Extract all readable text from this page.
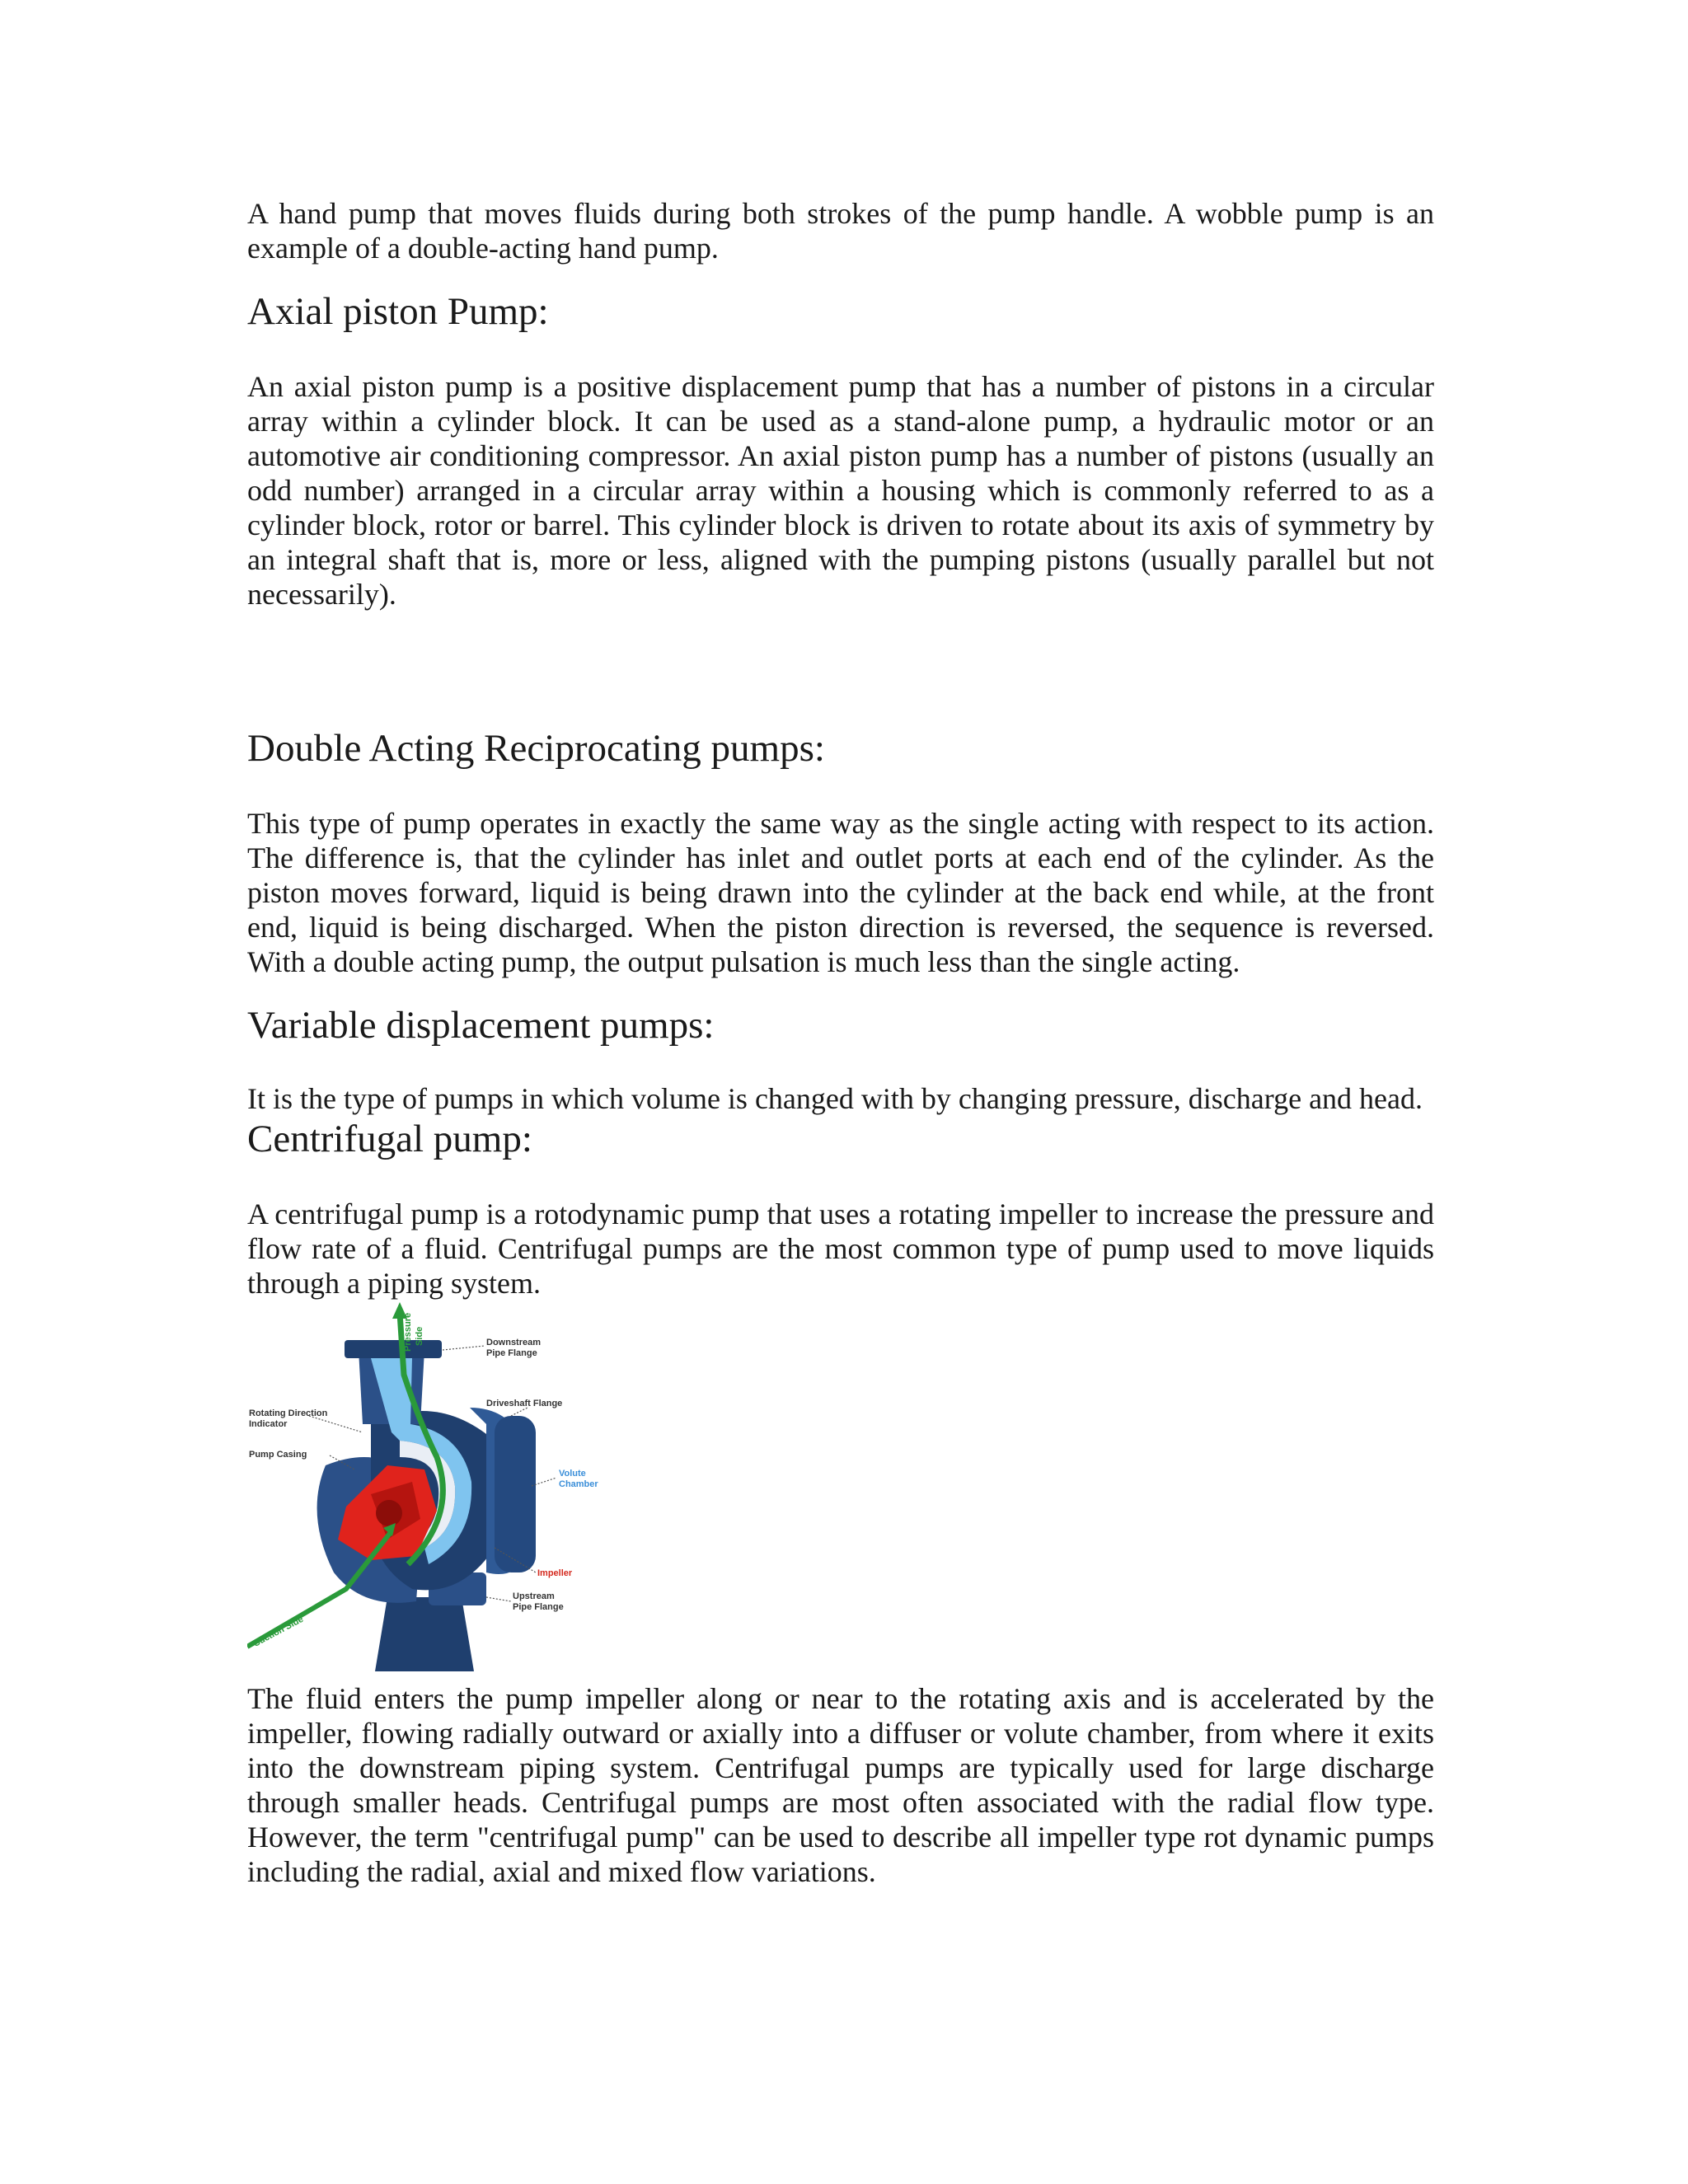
A hand pump that moves fluids during both strokes of the pump handle. A wobble pump is an example of a double-acting hand pump.

Axial piston Pump:

An axial piston pump is a positive displacement pump that has a number of pistons in a circular array within a cylinder block. It can be used as a stand-alone pump, a hydraulic motor or an automotive air conditioning compressor. An axial piston pump has a number of pistons (usually an odd number) arranged in a circular array within a housing which is commonly referred to as a cylinder block, rotor or barrel. This cylinder block is driven to rotate about its axis of symmetry by an integral shaft that is, more or less, aligned with the pumping pistons (usually parallel but not necessarily).

Double Acting Reciprocating pumps:

This type of pump operates in exactly the same way as the single acting with respect to its action. The difference is, that the cylinder has inlet and outlet ports at each end of the cylinder. As the piston moves forward, liquid is being drawn into the cylinder at the back end while, at the front end, liquid is being discharged. When the piston direction is reversed, the sequence is reversed. With a double acting pump, the output pulsation is much less than the single acting.

Variable displacement pumps:

It is the type of pumps in which volume is changed with by changing pressure, discharge and head.

Centrifugal pump:

A centrifugal pump is a rotodynamic pump that uses a rotating impeller to increase the pressure and flow rate of a fluid. Centrifugal pumps are the most common type of pump used to move liquids through a piping system.

Downstream
Pipe Flange
Driveshaft Flange
Rotating Direction
Indicator
Pump Casing
Upstream
Pipe Flange
Volute
Chamber
Impeller
Suction Side
Pressure Side

The fluid enters the pump impeller along or near to the rotating axis and is accelerated by the impeller, flowing radially outward or axially into a diffuser or volute chamber, from where it exits into the downstream piping system. Centrifugal pumps are typically used for large discharge through smaller heads. Centrifugal pumps are most often associated with the radial flow type. However, the term "centrifugal pump" can be used to describe all impeller type rot dynamic pumps including the radial, axial and mixed flow variations.
